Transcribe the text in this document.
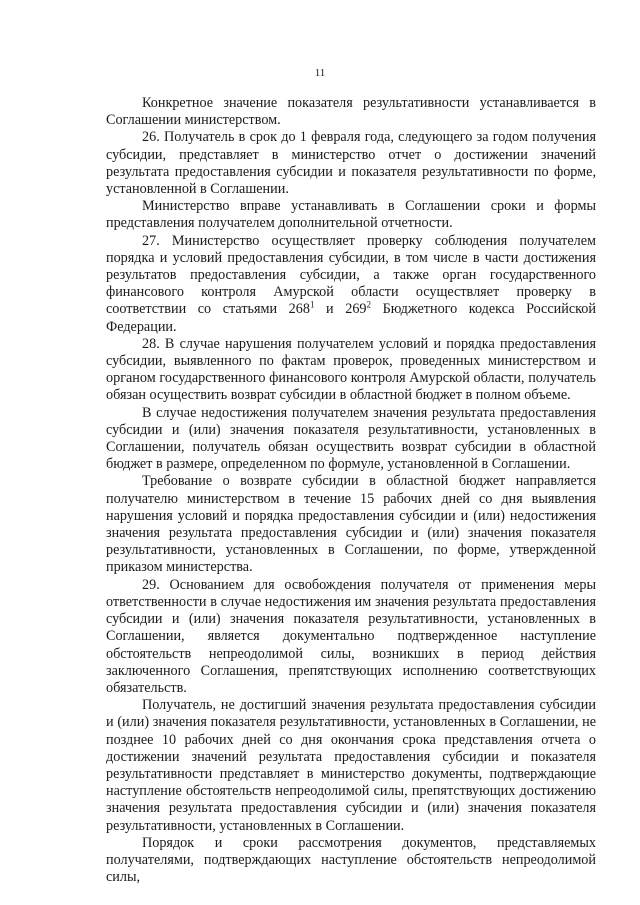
11

Конкретное значение показателя результативности устанавливается в Соглашении министерством.

26. Получатель в срок до 1 февраля года, следующего за годом получения субсидии, представляет в министерство отчет о достижении значений результата предоставления субсидии и показателя результативности по форме, установленной в Соглашении.

Министерство вправе устанавливать в Соглашении сроки и формы представления получателем дополнительной отчетности.

27. Министерство осуществляет проверку соблюдения получателем порядка и условий предоставления субсидии, в том числе в части достижения результатов предоставления субсидии, а также орган государственного финансового контроля Амурской области осуществляет проверку в соответствии со статьями $268^1$ и $269^2$ Бюджетного кодекса Российской Федерации.

28. В случае нарушения получателем условий и порядка предоставления субсидии, выявленного по фактам проверок, проведенных министерством и органом государственного финансового контроля Амурской области, получатель обязан осуществить возврат субсидии в областной бюджет в полном объеме.

В случае недостижения получателем значения результата предоставления субсидии и (или) значения показателя результативности, установленных в Соглашении, получатель обязан осуществить возврат субсидии в областной бюджет в размере, определенном по формуле, установленной в Соглашении.

Требование о возврате субсидии в областной бюджет направляется получателю министерством в течение 15 рабочих дней со дня выявления нарушения условий и порядка предоставления субсидии и (или) недостижения значения результата предоставления субсидии и (или) значения показателя результативности, установленных в Соглашении, по форме, утвержденной приказом министерства.

29. Основанием для освобождения получателя от применения меры ответственности в случае недостижения им значения результата предоставления субсидии и (или) значения показателя результативности, установленных в Соглашении, является документально подтвержденное наступление обстоятельств непреодолимой силы, возникших в период действия заключенного Соглашения, препятствующих исполнению соответствующих обязательств.

Получатель, не достигший значения результата предоставления субсидии и (или) значения показателя результативности, установленных в Соглашении, не позднее 10 рабочих дней со дня окончания срока представления отчета о достижении значений результата предоставления субсидии и показателя результативности представляет в министерство документы, подтверждающие наступление обстоятельств непреодолимой силы, препятствующих достижению значения результата предоставления субсидии и (или) значения показателя результативности, установленных в Соглашении.

Порядок и сроки рассмотрения документов, представляемых получателями, подтверждающих наступление обстоятельств непреодолимой силы,
